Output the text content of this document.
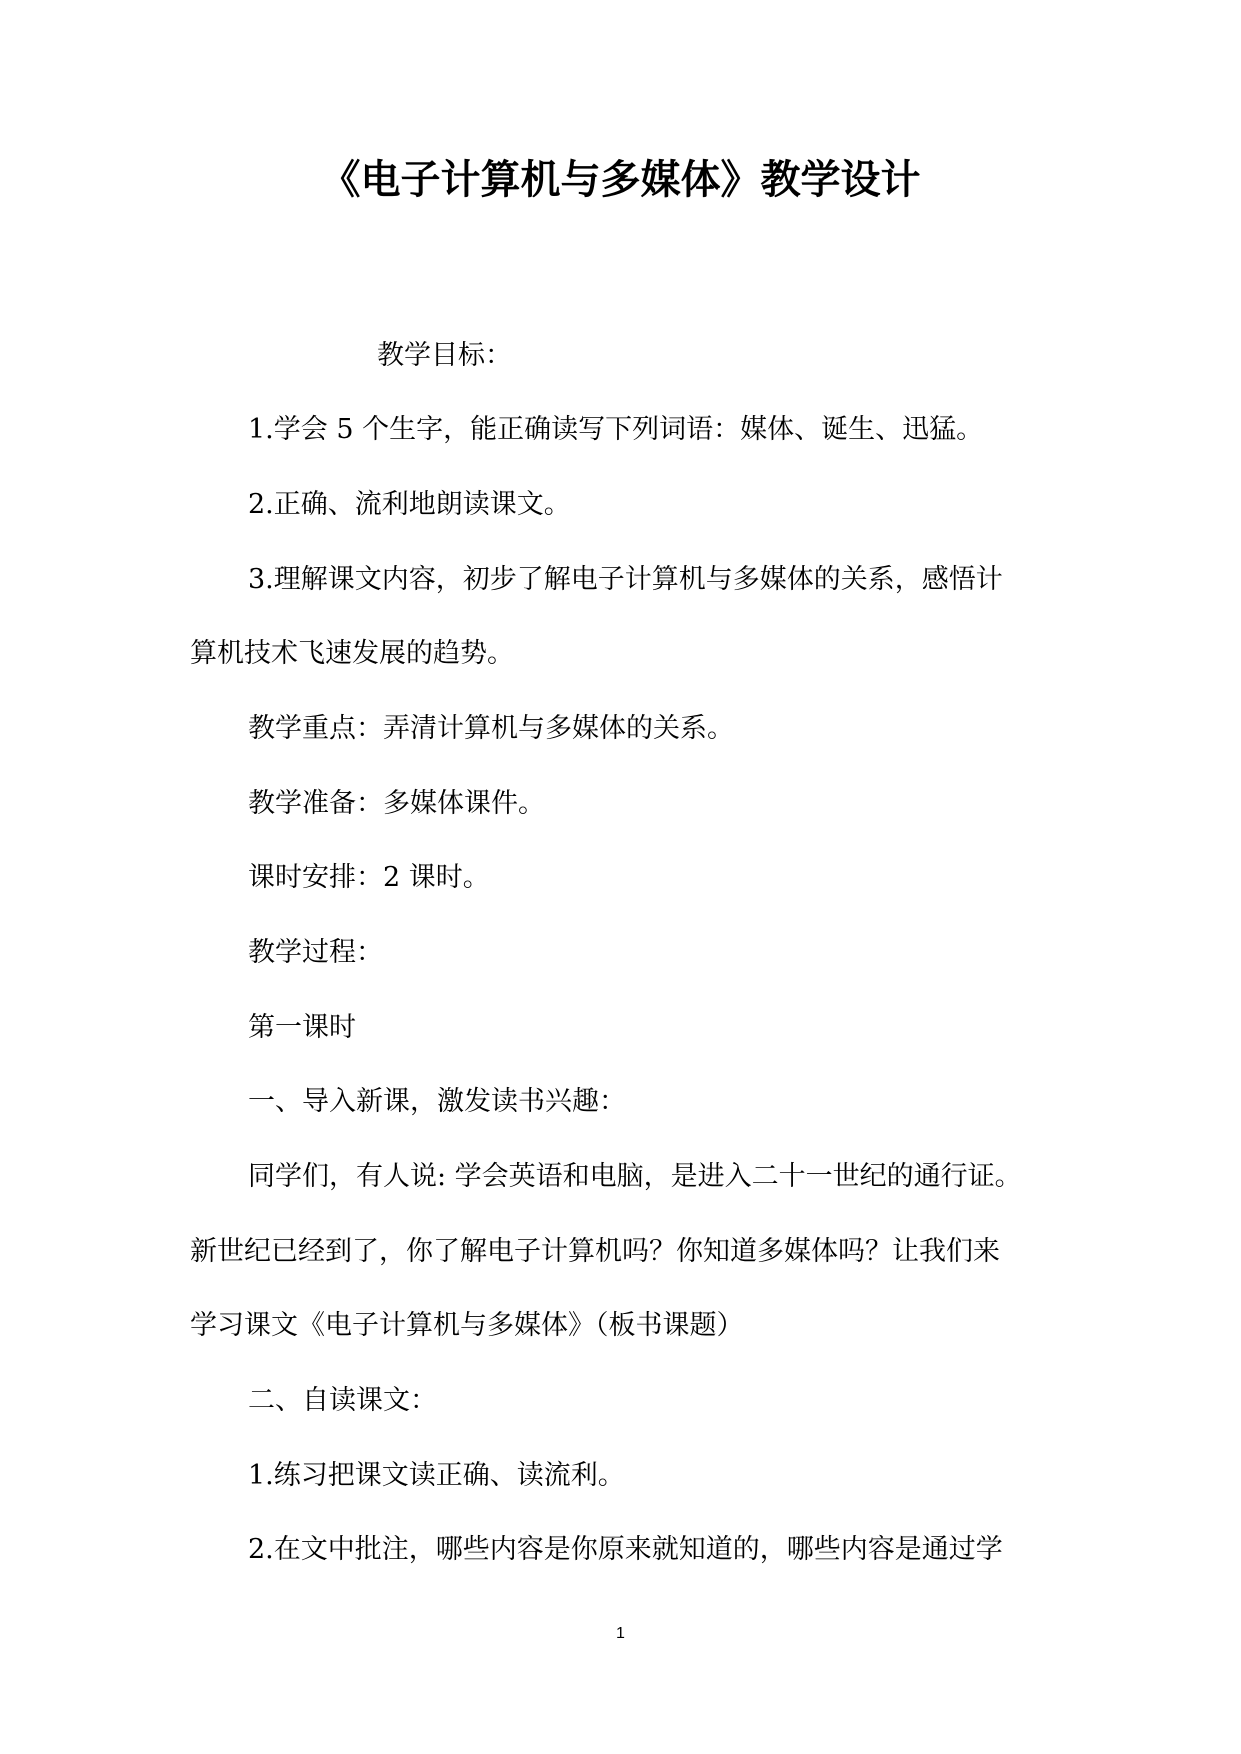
《电子计算机与多媒体》教学设计

教学目标：

1.学会 5 个生字，能正确读写下列词语：媒体、诞生、迅猛。

2.正确、流利地朗读课文。

3.理解课文内容，初步了解电子计算机与多媒体的关系，感悟计

算机技术飞速发展的趋势。

教学重点：弄清计算机与多媒体的关系。

教学准备：多媒体课件。

课时安排：2 课时。

教学过程：

第一课时

一、导入新课，激发读书兴趣：

同学们，有人说: 学会英语和电脑，是进入二十一世纪的通行证。

新世纪已经到了，你了解电子计算机吗？你知道多媒体吗？让我们来

学习课文《电子计算机与多媒体》（板书课题）

二、自读课文：

1.练习把课文读正确、读流利。

2.在文中批注，哪些内容是你原来就知道的，哪些内容是通过学

1
